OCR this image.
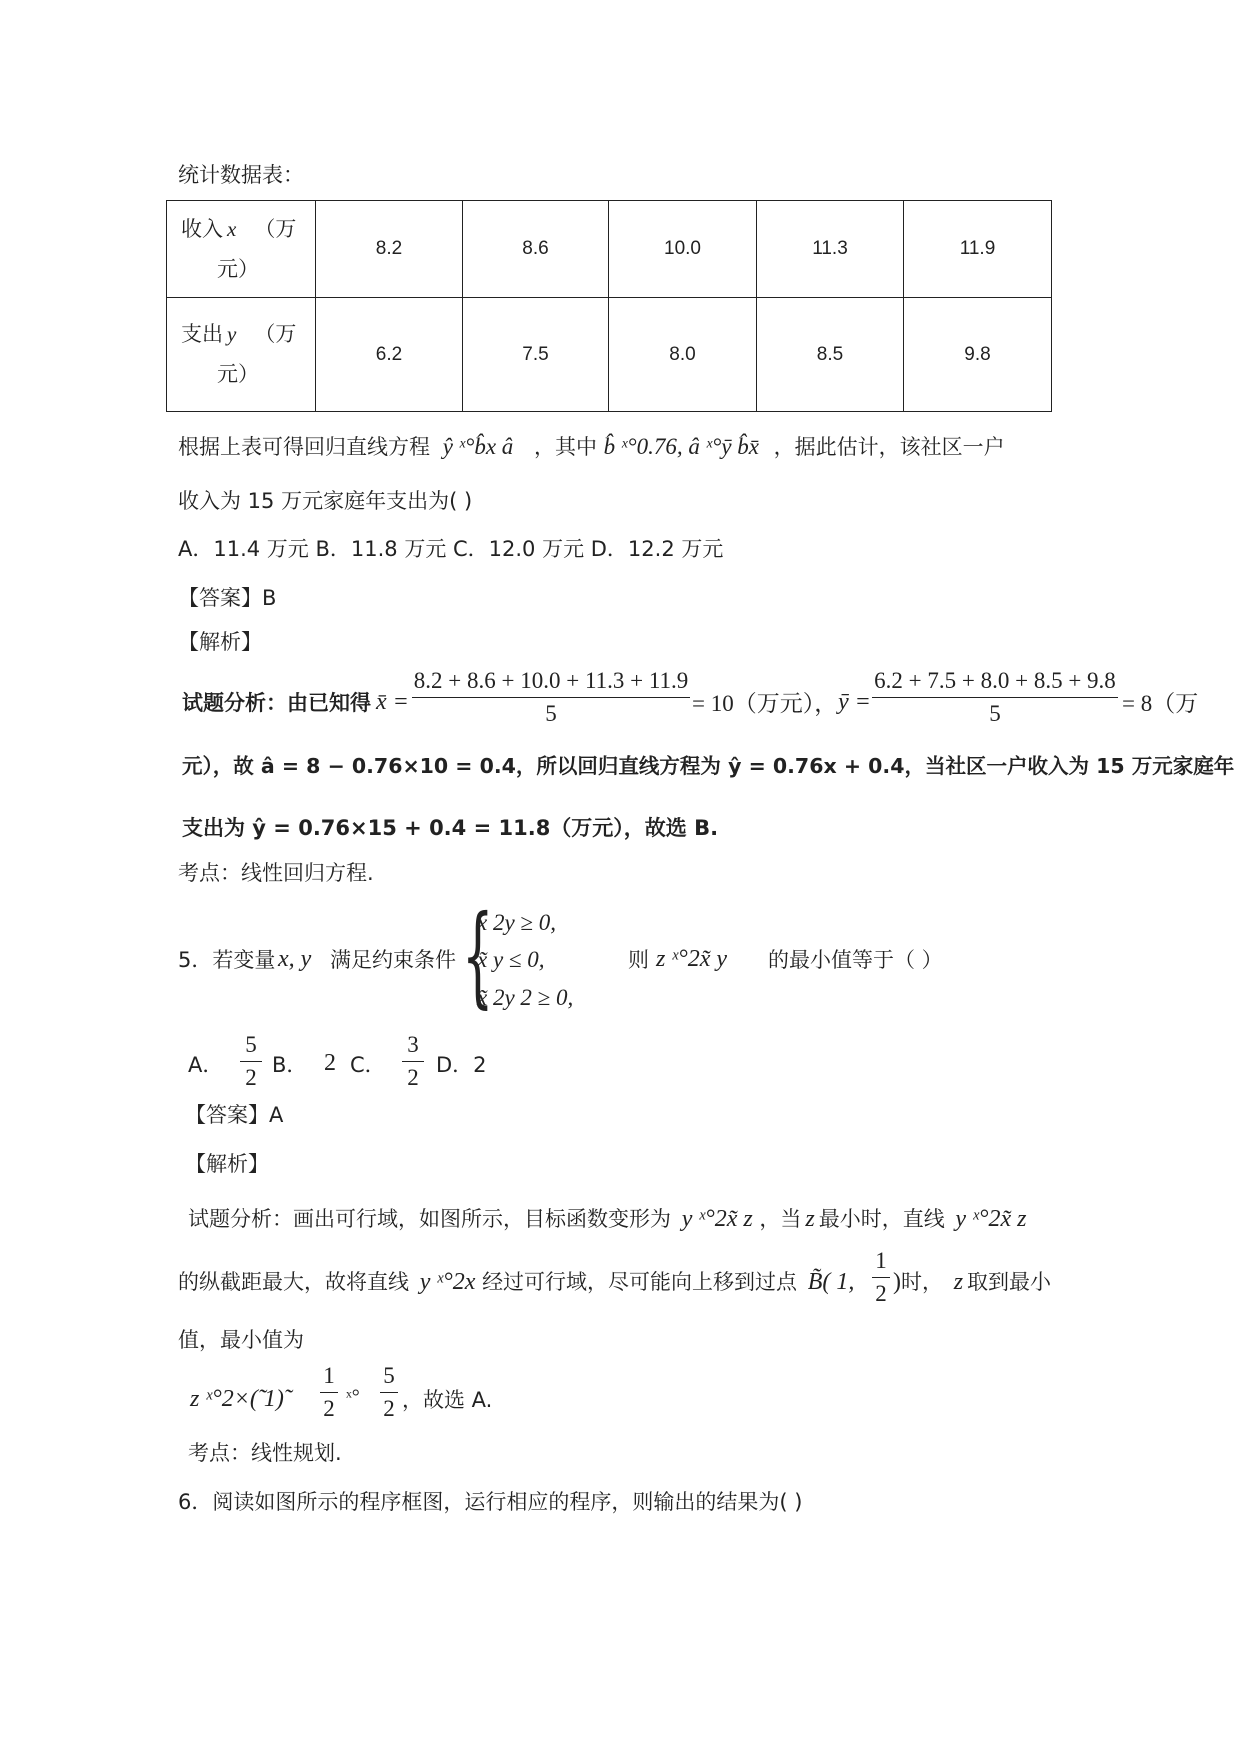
统计数据表：
收入 x （万
元）	8.2	8.6	10.0	11.3	11.9

支出 y （万
元）	6.2	7.5	8.0	8.5	9.8
根据上表可得回归直线方程 ŷ ˣ°b̂x â ，其中 b̂ ˣ°0.76, â ˣ°ȳ b̂x̄ ，据此估计，该社区一户
收入为 15 万元家庭年支出为( )
A．11.4 万元 B．11.8 万元 C．12.0 万元 D．12.2 万元
【答案】B
【解析】
试题分析：由已知得 x̄ =
8.2 + 8.6 + 10.0 + 11.3 + 11.9
5	= 10（万元）， ȳ =
6.2 + 7.5 + 8.0 + 8.5 + 9.8
5	= 8（万
元），故 â = 8 − 0.76×10 = 0.4，所以回归直线方程为 ŷ = 0.76x + 0.4，当社区一户收入为 15 万元家庭年
支出为 ŷ = 0.76×15 + 0.4 = 11.8（万元），故选 B.
考点：线性回归方程.
5．若变量 x, y 满足约束条件 {
x 2y ≥ 0,
x̃ y ≤ 0,
x̃ 2y 2 ≥ 0,
则 z ˣ°2x̃ y 的最小值等于（ ）
A．
5
2 B． 2 C．
3
2 D．2
【答案】A
【解析】
试题分析：画出可行域，如图所示，目标函数变形为 y ˣ°2x̃ z ，当 z 最小时，直线 y ˣ°2x̃ z
的纵截距最大，故将直线 y ˣ°2x 经过可行域，尽可能向上移到过点 B̃( 1,
1
2 )时， z 取到最小
值，最小值为
z ˣ°2×(̃ 1)̃
1
2 ˣ°
5
2 ，故选 A.
考点：线性规划.
6．阅读如图所示的程序框图，运行相应的程序，则输出的结果为( )
